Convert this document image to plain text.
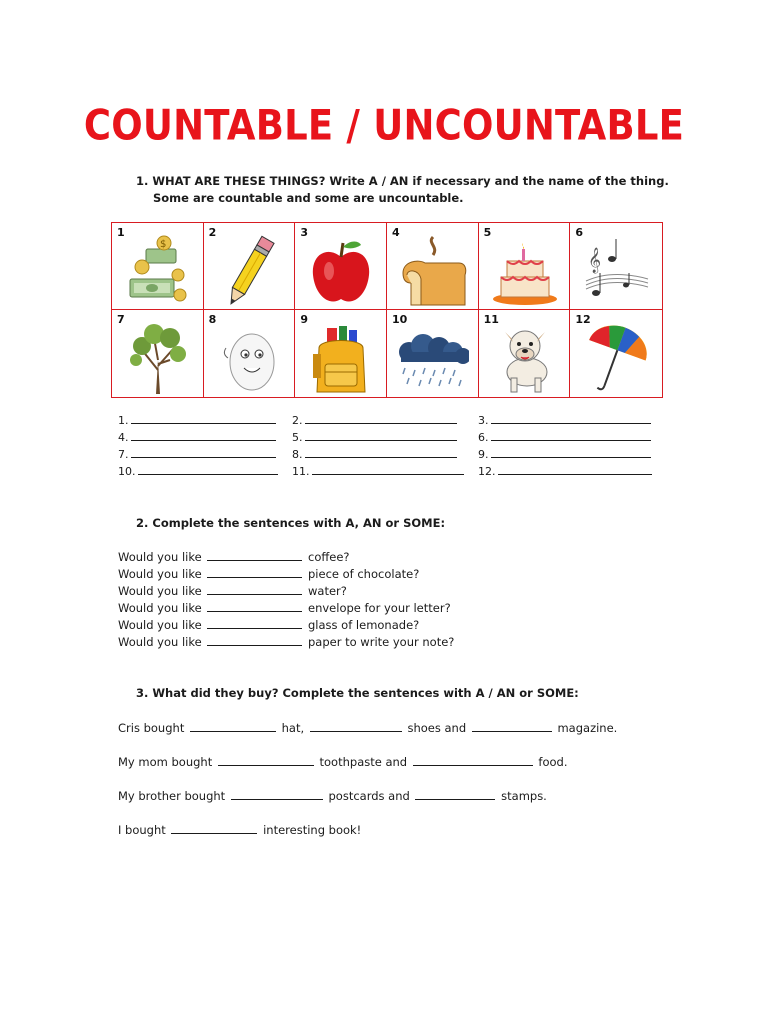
COUNTABLE / UNCOUNTABLE
1. WHAT ARE THESE THINGS? Write A / AN if necessary and the name of the thing.
Some are countable and some are uncountable.
1
$
2	3	4	5	6
𝄞
7	8	9	10	11	12
1.	2.	3.
4.	5.	6.
7.	8.	9.
10.	11.	12.
2. Complete the sentences with A, AN or SOME:
Would you like	coffee?
Would you like	piece of chocolate?
Would you like	water?
Would you like	envelope for your letter?
Would you like	glass of lemonade?
Would you like	paper to write your note?
3. What did they buy? Complete the sentences with A / AN or SOME:
Cris bought	hat,	shoes and	magazine.
My mom bought	toothpaste and	food.
My brother bought	postcards and	stamps.
I bought	interesting book!
